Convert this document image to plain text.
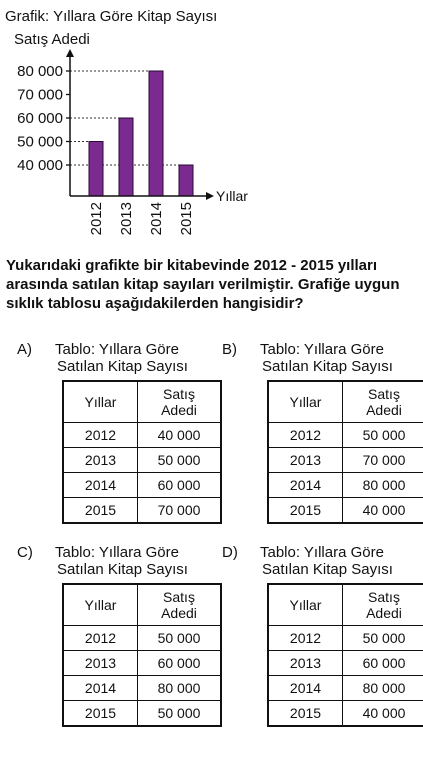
Grafik: Yıllara Göre Kitap Sayısı
Satış Adedi
Yıllar
40 000
50 000
60 000
70 000
80 000
2012 2013 2014 2015
Yukarıdaki grafikte bir kitabevinde 2012 - 2015 yılları arasında satılan kitap sayıları verilmiştir. Grafiğe uygun sıklık tablosu aşağıdakilerden hangisidir?
A) Tablo: Yıllara Göre
Satılan Kitap Sayısı
Yıllar	Satış
Adedi

2012	40 000
2013	50 000
2014	60 000
2015	70 000
B) Tablo: Yıllara Göre
Satılan Kitap Sayısı
Yıllar	Satış
Adedi

2012	50 000
2013	70 000
2014	80 000
2015	40 000
C) Tablo: Yıllara Göre
Satılan Kitap Sayısı
Yıllar	Satış
Adedi

2012	50 000
2013	60 000
2014	80 000
2015	50 000
D) Tablo: Yıllara Göre
Satılan Kitap Sayısı
Yıllar	Satış
Adedi

2012	50 000
2013	60 000
2014	80 000
2015	40 000
